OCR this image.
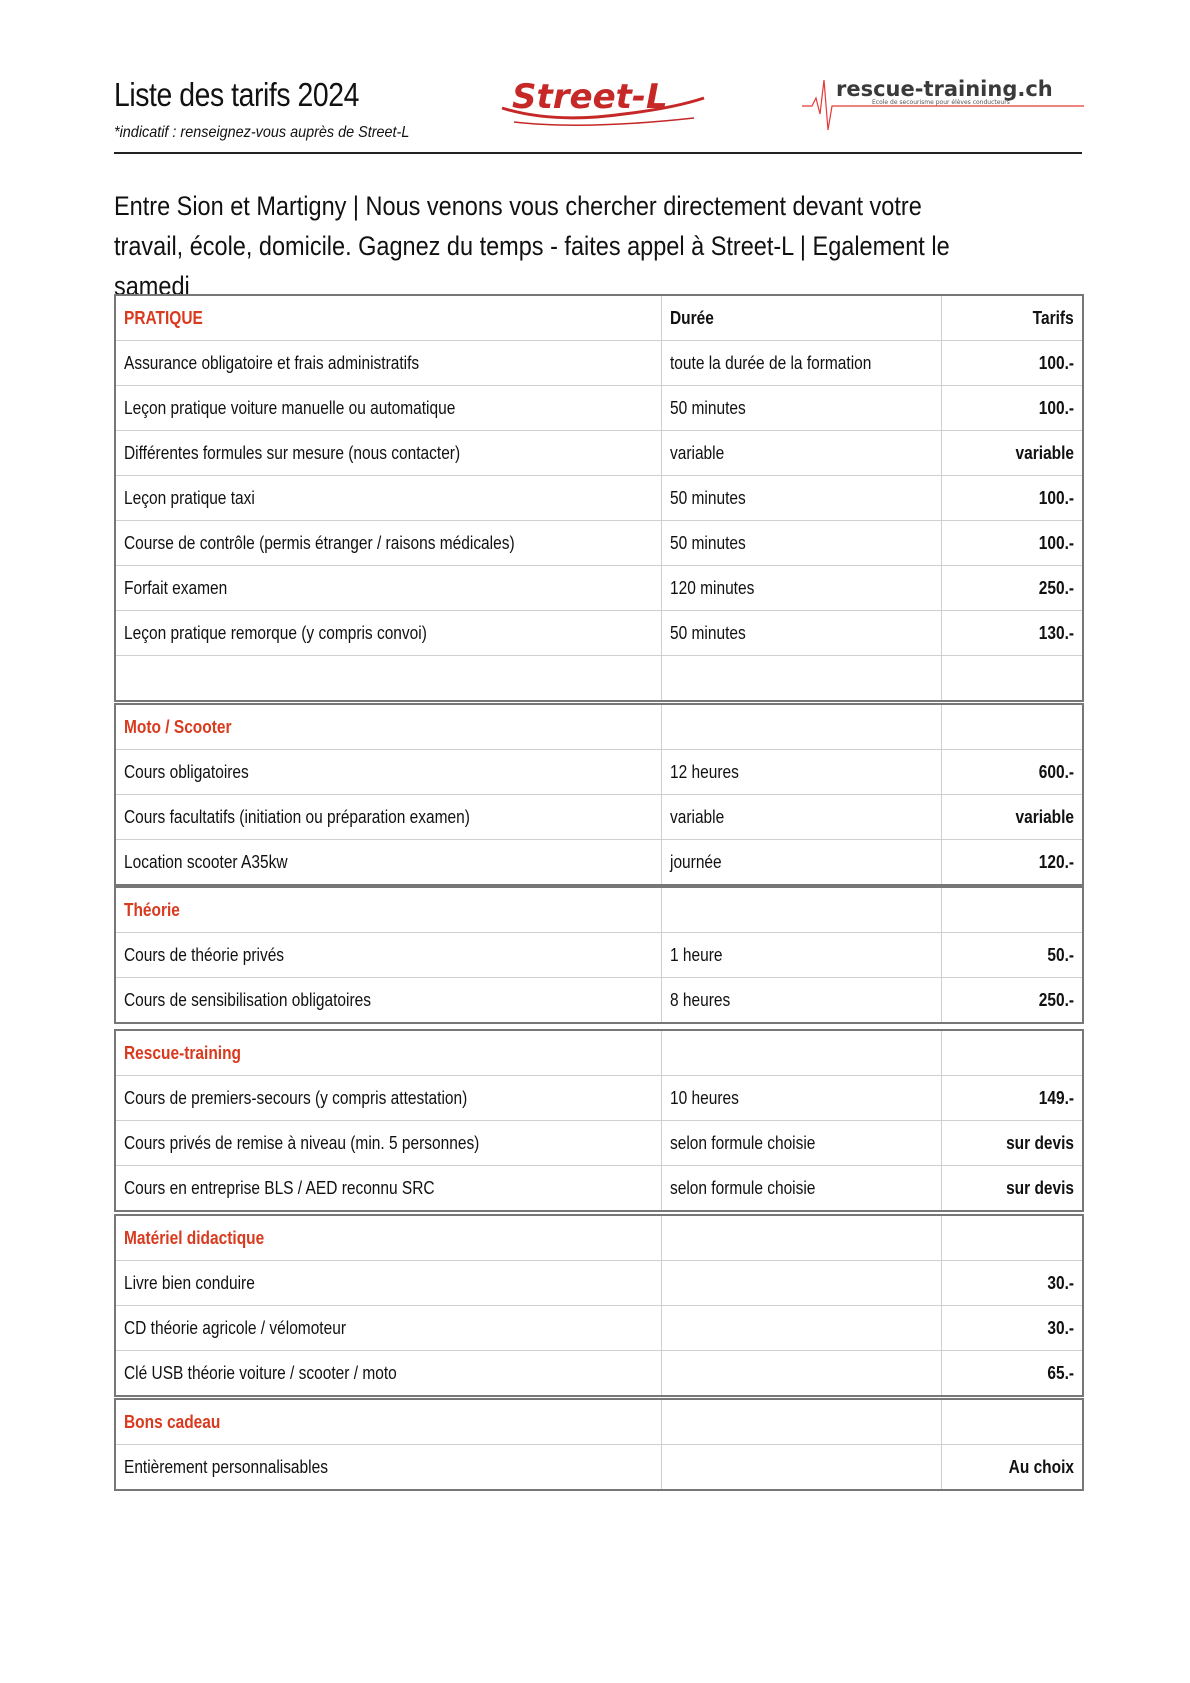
Liste des tarifs 2024
*indicatif : renseignez-vous auprès de Street-L
Street-L	rescue-training.ch
Ecole de secourisme pour élèves conducteurs
Entre Sion et Martigny | Nous venons vous chercher directement devant votre travail, école, domicile. Gagnez du temps - faites appel à Street-L | Egalement le samedi
PRATIQUE	Durée	Tarifs
Assurance obligatoire et frais administratifs	toute la durée de la formation	100.-
Leçon pratique voiture manuelle ou automatique	50 minutes	100.-
Différentes formules sur mesure (nous contacter)	variable	variable
Leçon pratique taxi	50 minutes	100.-
Course de contrôle (permis étranger / raisons médicales)	50 minutes	100.-
Forfait examen	120 minutes	250.-
Leçon pratique remorque (y compris convoi)	50 minutes	130.-

Moto / Scooter		
Cours obligatoires	12 heures	600.-
Cours facultatifs (initiation ou préparation examen)	variable	variable
Location scooter A35kw	journée	120.-
Théorie		
Cours de théorie privés	1 heure	50.-
Cours de sensibilisation obligatoires	8 heures	250.-
Rescue-training		
Cours de premiers-secours (y compris attestation)	10 heures	149.-
Cours privés de remise à niveau (min. 5 personnes)	selon formule choisie	sur devis
Cours en entreprise BLS / AED reconnu SRC	selon formule choisie	sur devis
Matériel didactique		
Livre bien conduire		30.-
CD théorie agricole / vélomoteur		30.-
Clé USB théorie voiture / scooter / moto		65.-
Bons cadeau		
Entièrement personnalisables		Au choix
